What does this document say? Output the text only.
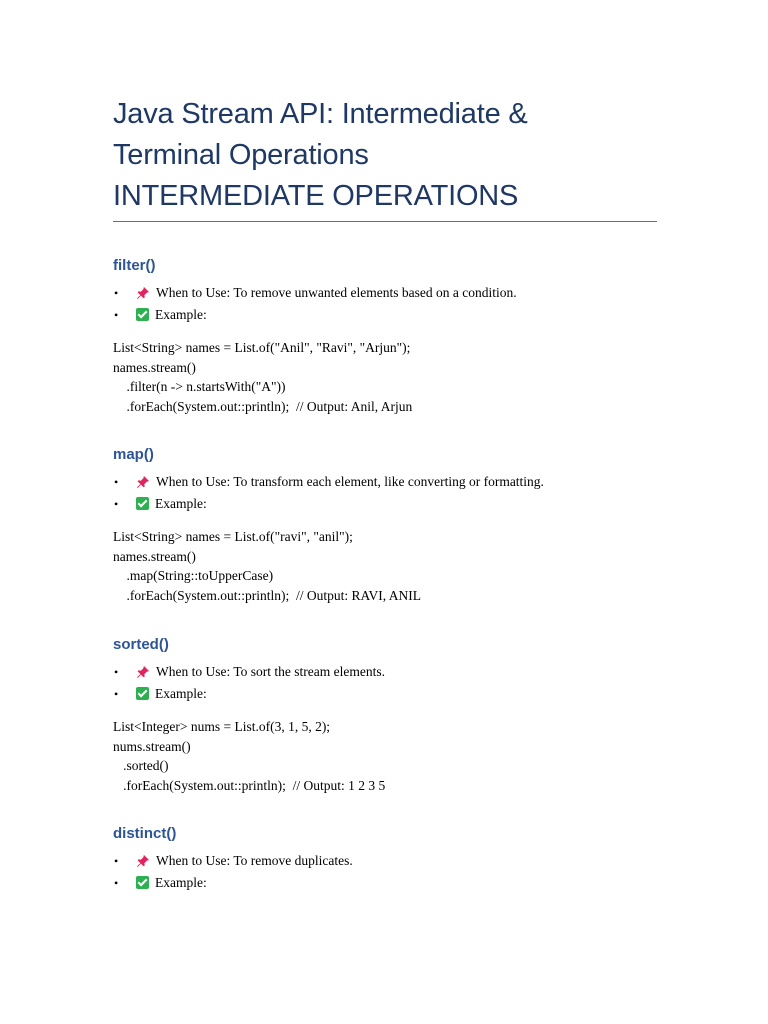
Java Stream API: Intermediate &
Terminal Operations
INTERMEDIATE OPERATIONS
filter()
•	When to Use: To remove unwanted elements based on a condition.
•	Example:
List<String> names = List.of("Anil", "Ravi", "Arjun");
names.stream()
.filter(n -> n.startsWith("A"))
.forEach(System.out::println);  // Output: Anil, Arjun
map()
•	When to Use: To transform each element, like converting or formatting.
•	Example:
List<String> names = List.of("ravi", "anil");
names.stream()
.map(String::toUpperCase)
.forEach(System.out::println);  // Output: RAVI, ANIL
sorted()
•	When to Use: To sort the stream elements.
•	Example:
List<Integer> nums = List.of(3, 1, 5, 2);
nums.stream()
.sorted()
.forEach(System.out::println);  // Output: 1 2 3 5
distinct()
•	When to Use: To remove duplicates.
•	Example:
